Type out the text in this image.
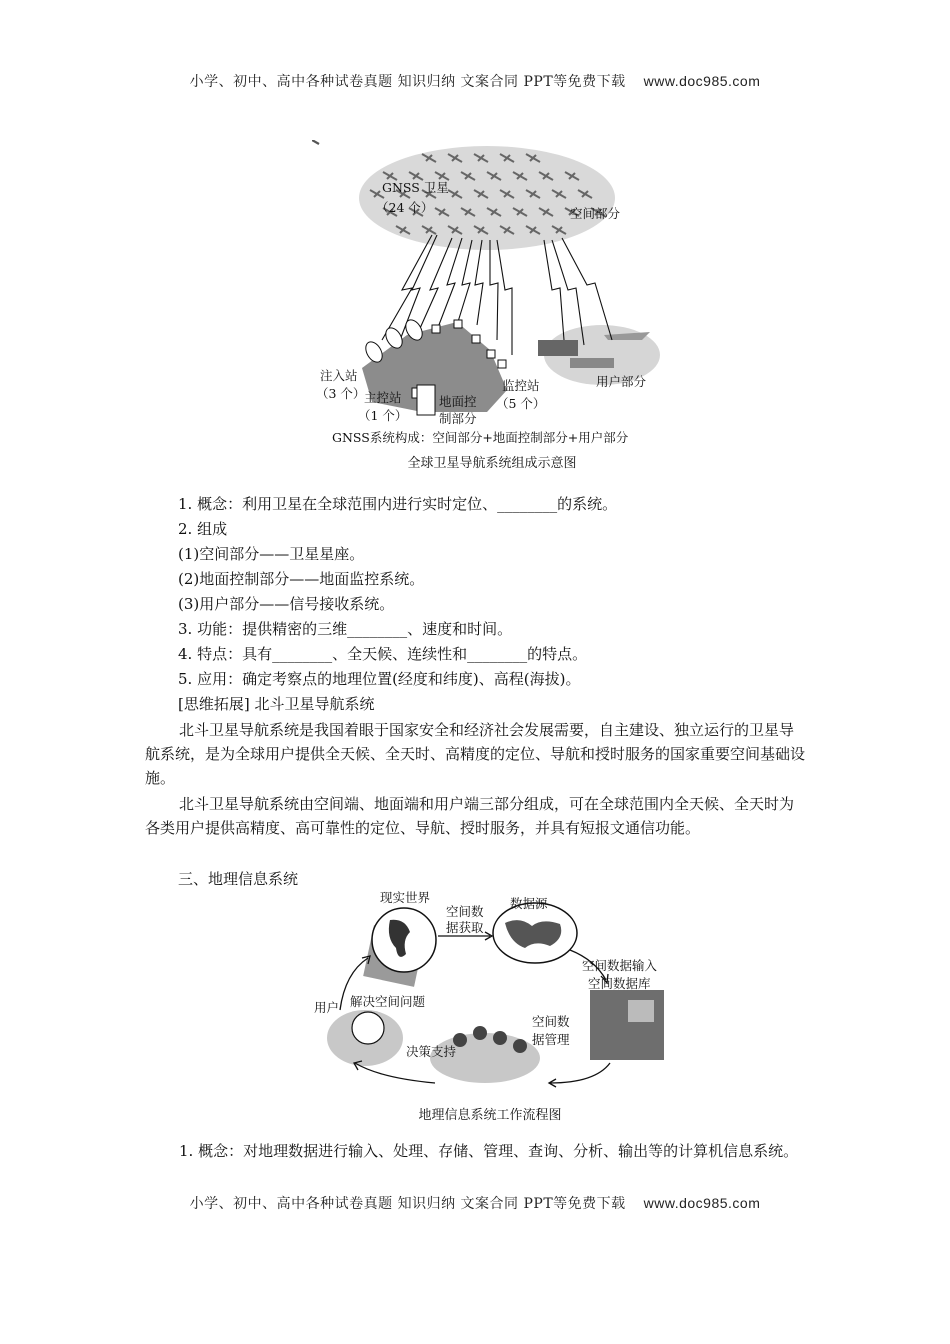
小学、初中、高中各种试卷真题 知识归纳 文案合同 PPT等免费下载 www.doc985.com
GNSS 卫星
（24 个）	空间部分
注入站
（3 个）
主控站
（1 个）
地面控
制部分
监控站
（5 个）
用户部分
GNSS系统构成：空间部分+地面控制部分+用户部分
全球卫星导航系统组成示意图
1. 概念：利用卫星在全球范围内进行实时定位、________的系统。
2. 组成
(1)空间部分——卫星星座。
(2)地面控制部分——地面监控系统。
(3)用户部分——信号接收系统。
3. 功能：提供精密的三维________、速度和时间。
4. 特点：具有________、全天候、连续性和________的特点。
5. 应用：确定考察点的地理位置(经度和纬度)、高程(海拔)。
[思维拓展] 北斗卫星导航系统
北斗卫星导航系统是我国着眼于国家安全和经济社会发展需要，自主建设、独立运行的卫星导航系统，是为全球用户提供全天候、全天时、高精度的定位、导航和授时服务的国家重要空间基础设施。
北斗卫星导航系统由空间端、地面端和用户端三部分组成，可在全球范围内全天候、全天时为各类用户提供高精度、高可靠性的定位、导航、授时服务，并具有短报文通信功能。
三、地理信息系统
现实世界	数据源
空间数
据获取
空间数据输入
空间数据库
空间数
据管理
决策支持
用户 解决空间问题
地理信息系统工作流程图
1. 概念：对地理数据进行输入、处理、存储、管理、查询、分析、输出等的计算机信息系统。
小学、初中、高中各种试卷真题 知识归纳 文案合同 PPT等免费下载 www.doc985.com
